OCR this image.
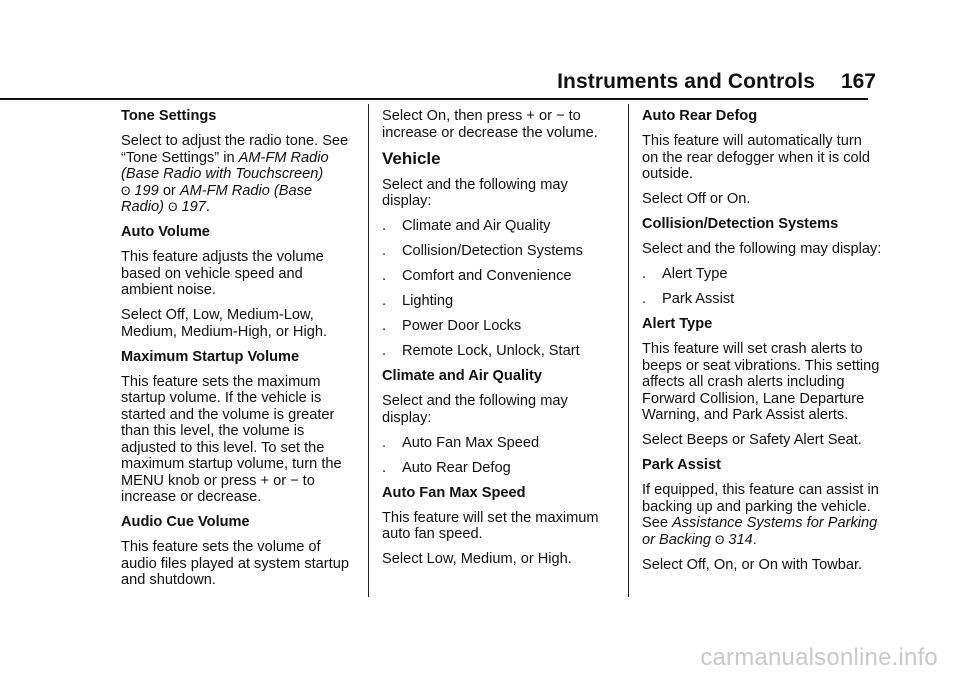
Instruments and Controls 167

Tone Settings

Select to adjust the radio tone. See “Tone Settings” in AM-FM Radio (Base Radio with Touchscreen)
ʘ 199 or AM-FM Radio (Base Radio) ʘ 197.

Auto Volume

This feature adjusts the volume based on vehicle speed and ambient noise.

Select Off, Low, Medium-Low, Medium, Medium-High, or High.

Maximum Startup Volume

This feature sets the maximum startup volume. If the vehicle is started and the volume is greater than this level, the volume is adjusted to this level. To set the maximum startup volume, turn the MENU knob or press + or − to increase or decrease.

Audio Cue Volume

This feature sets the volume of audio files played at system startup and shutdown.

Select On, then press + or − to increase or decrease the volume.

Vehicle

Select and the following may display:

.	Climate and Air Quality
.	Collision/Detection Systems
.	Comfort and Convenience
.	Lighting
.	Power Door Locks
.	Remote Lock, Unlock, Start

Climate and Air Quality

Select and the following may display:

.	Auto Fan Max Speed
.	Auto Rear Defog

Auto Fan Max Speed

This feature will set the maximum auto fan speed.

Select Low, Medium, or High.

Auto Rear Defog

This feature will automatically turn on the rear defogger when it is cold outside.

Select Off or On.

Collision/Detection Systems

Select and the following may display:

.	Alert Type
.	Park Assist

Alert Type

This feature will set crash alerts to beeps or seat vibrations. This setting affects all crash alerts including Forward Collision, Lane Departure Warning, and Park Assist alerts.

Select Beeps or Safety Alert Seat.

Park Assist

If equipped, this feature can assist in backing up and parking the vehicle. See Assistance Systems for Parking or Backing ʘ 314.

Select Off, On, or On with Towbar.

carmanualsonline.info
